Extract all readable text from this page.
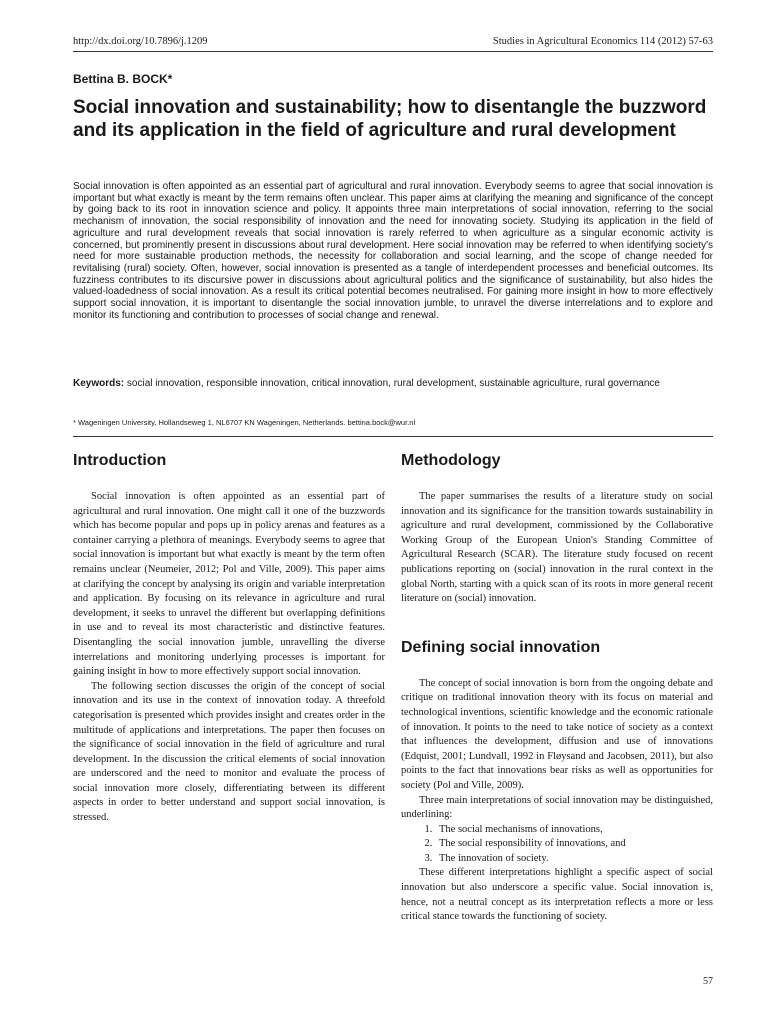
http://dx.doi.org/10.7896/j.1209	Studies in Agricultural Economics 114 (2012) 57-63
Bettina B. BOCK*
Social innovation and sustainability; how to disentangle the buzzword and its application in the field of agriculture and rural development

Social innovation is often appointed as an essential part of agricultural and rural innovation. Everybody seems to agree that social innovation is important but what exactly is meant by the term remains often unclear. This paper aims at clarifying the meaning and significance of the concept by going back to its root in innovation science and policy. It appoints three main interpretations of social innovation, referring to the social mechanism of innovation, the social responsibility of innovation and the need for innovating society. Studying its application in the field of agriculture and rural development reveals that social innovation is rarely referred to when agriculture as a singular economic activity is concerned, but prominently present in discussions about rural development. Here social innovation may be referred to when identifying society's need for more sustainable production methods, the necessity for collaboration and social learning, and the scope of change needed for revitalising (rural) society. Often, however, social innovation is presented as a tangle of interdependent processes and beneficial outcomes. Its fuzziness contributes to its discursive power in discussions about agricultural politics and the significance of sustainability, but also hides the valued-loadedness of social innovation. As a result its critical potential becomes neutralised. For gaining more insight in how to more effectively support social innovation, it is important to disentangle the social innovation jumble, to unravel the diverse interrelations and to explore and monitor its functioning and contribution to processes of social change and renewal.

Keywords: social innovation, responsible innovation, critical innovation, rural development, sustainable agriculture, rural governance

* Wageningen University, Hollandseweg 1, NL6707 KN Wageningen, Netherlands. bettina.bock@wur.nl

Introduction

Social innovation is often appointed as an essential part of agricultural and rural innovation. One might call it one of the buzzwords which has become popular and pops up in policy arenas and features as a container carrying a plethora of meanings. Everybody seems to agree that social innovation is important but what exactly is meant by the term often remains unclear (Neumeier, 2012; Pol and Ville, 2009). This paper aims at clarifying the concept by analysing its origin and variable interpretation and application. By focusing on its relevance in agriculture and rural development, it seeks to unravel the different but overlapping definitions in use and to reveal its most characteristic and distinctive features. Disentangling the social innovation jumble, unravelling the diverse interrelations and monitoring underlying processes is important for gaining insight in how to more effectively support social innovation.

The following section discusses the origin of the concept of social innovation and its use in the context of innovation today. A threefold categorisation is presented which provides insight and creates order in the multitude of applications and interpretations. The paper then focuses on the significance of social innovation in the field of agriculture and rural development. In the discussion the critical elements of social innovation are underscored and the need to monitor and evaluate the process of social innovation more closely, differentiating between its different aspects in order to better understand and support social innovation, is stressed.

Methodology

The paper summarises the results of a literature study on social innovation and its significance for the transition towards sustainability in agriculture and rural development, commissioned by the Collaborative Working Group of the European Union's Standing Committee of Agricultural Research (SCAR). The literature study focused on recent publications reporting on (social) innovation in the rural context in the global North, starting with a quick scan of its roots in more general recent literature on (social) innovation.

Defining social innovation

The concept of social innovation is born from the ongoing debate and critique on traditional innovation theory with its focus on material and technological inventions, scientific knowledge and the economic rationale of innovation. It points to the need to take notice of society as a context that influences the development, diffusion and use of innovations (Edquist, 2001; Lundvall, 1992 in Fløysand and Jacobsen, 2011), but also points to the fact that innovations bear risks as well as opportunities for society (Pol and Ville, 2009).

Three main interpretations of social innovation may be distinguished, underlining:

1. The social mechanisms of innovations,
2. The social responsibility of innovations, and
3. The innovation of society.

These different interpretations highlight a specific aspect of social innovation but also underscore a specific value. Social innovation is, hence, not a neutral concept as its interpretation reflects a more or less critical stance towards the functioning of society.

57
